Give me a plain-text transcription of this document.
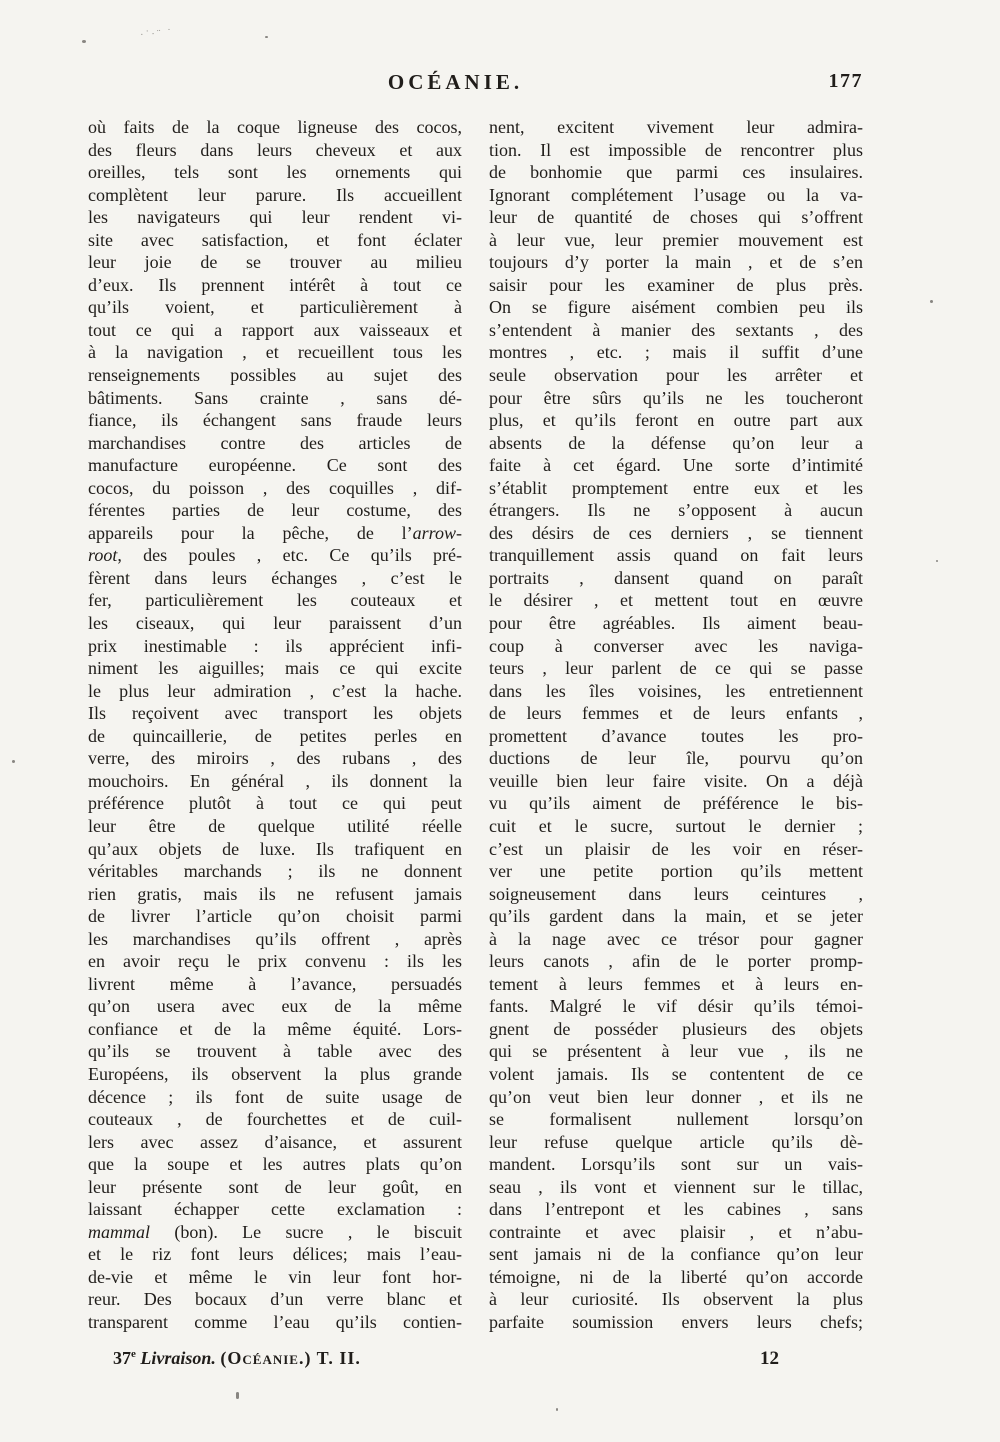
OCÉANIE.	177
où faits de la coque ligneuse des cocos,
des fleurs dans leurs cheveux et aux
oreilles, tels sont les ornements qui
complètent leur parure. Ils accueillent
les navigateurs qui leur rendent vi-
site avec satisfaction, et font éclater
leur joie de se trouver au milieu
d’eux. Ils prennent intérêt à tout ce
qu’ils voient, et particulièrement à
tout ce qui a rapport aux vaisseaux et
à la navigation , et recueillent tous les
renseignements possibles au sujet des
bâtiments. Sans crainte , sans dé-
fiance, ils échangent sans fraude leurs
marchandises contre des articles de
manufacture européenne. Ce sont des
cocos, du poisson , des coquilles , dif-
férentes parties de leur costume, des
appareils pour la pêche, de l’arrow-
root, des poules , etc. Ce qu’ils pré-
fèrent dans leurs échanges , c’est le
fer, particulièrement les couteaux et
les ciseaux, qui leur paraissent d’un
prix inestimable : ils apprécient infi-
niment les aiguilles; mais ce qui excite
le plus leur admiration , c’est la hache.
Ils reçoivent avec transport les objets
de quincaillerie, de petites perles en
verre, des miroirs , des rubans , des
mouchoirs. En général , ils donnent la
préférence plutôt à tout ce qui peut
leur être de quelque utilité réelle
qu’aux objets de luxe. Ils trafiquent en
véritables marchands ; ils ne donnent
rien gratis, mais ils ne refusent jamais
de livrer l’article qu’on choisit parmi
les marchandises qu’ils offrent , après
en avoir reçu le prix convenu : ils les
livrent même à l’avance, persuadés
qu’on usera avec eux de la même
confiance et de la même équité. Lors-
qu’ils se trouvent à table avec des
Européens, ils observent la plus grande
décence ; ils font de suite usage de
couteaux , de fourchettes et de cuil-
lers avec assez d’aisance, et assurent
que la soupe et les autres plats qu’on
leur présente sont de leur goût, en
laissant échapper cette exclamation :
mammal (bon). Le sucre , le biscuit
et le riz font leurs délices; mais l’eau-
de-vie et même le vin leur font hor-
reur. Des bocaux d’un verre blanc et
transparent comme l’eau qu’ils contien-
nent, excitent vivement leur admira-
tion. Il est impossible de rencontrer plus
de bonhomie que parmi ces insulaires.
Ignorant complétement l’usage ou la va-
leur de quantité de choses qui s’offrent
à leur vue, leur premier mouvement est
toujours d’y porter la main , et de s’en
saisir pour les examiner de plus près.
On se figure aisément combien peu ils
s’entendent à manier des sextants , des
montres , etc. ; mais il suffit d’une
seule observation pour les arrêter et
pour être sûrs qu’ils ne les toucheront
plus, et qu’ils feront en outre part aux
absents de la défense qu’on leur a
faite à cet égard. Une sorte d’intimité
s’établit promptement entre eux et les
étrangers. Ils ne s’opposent à aucun
des désirs de ces derniers , se tiennent
tranquillement assis quand on fait leurs
portraits , dansent quand on paraît
le désirer , et mettent tout en œuvre
pour être agréables. Ils aiment beau-
coup à converser avec les naviga-
teurs , leur parlent de ce qui se passe
dans les îles voisines, les entretiennent
de leurs femmes et de leurs enfants ,
promettent d’avance toutes les pro-
ductions de leur île, pourvu qu’on
veuille bien leur faire visite. On a déjà
vu qu’ils aiment de préférence le bis-
cuit et le sucre, surtout le dernier ;
c’est un plaisir de les voir en réser-
ver une petite portion qu’ils mettent
soigneusement dans leurs ceintures ,
qu’ils gardent dans la main, et se jeter
à la nage avec ce trésor pour gagner
leurs canots , afin de le porter promp-
tement à leurs femmes et à leurs en-
fants. Malgré le vif désir qu’ils témoi-
gnent de posséder plusieurs des objets
qui se présentent à leur vue , ils ne
volent jamais. Ils se contentent de ce
qu’on veut bien leur donner , et ils ne
se formalisent nullement lorsqu’on
leur refuse quelque article qu’ils dè-
mandent. Lorsqu’ils sont sur un vais-
seau , ils vont et viennent sur le tillac,
dans l’entrepont et les cabines , sans
contrainte et avec plaisir , et n’abu-
sent jamais ni de la confiance qu’on leur
témoigne, ni de la liberté qu’on accorde
à leur curiosité. Ils observent la plus
parfaite soumission envers leurs chefs;
37e Livraison. (Océanie.) T. II.	12
·˙·¨ ˙
